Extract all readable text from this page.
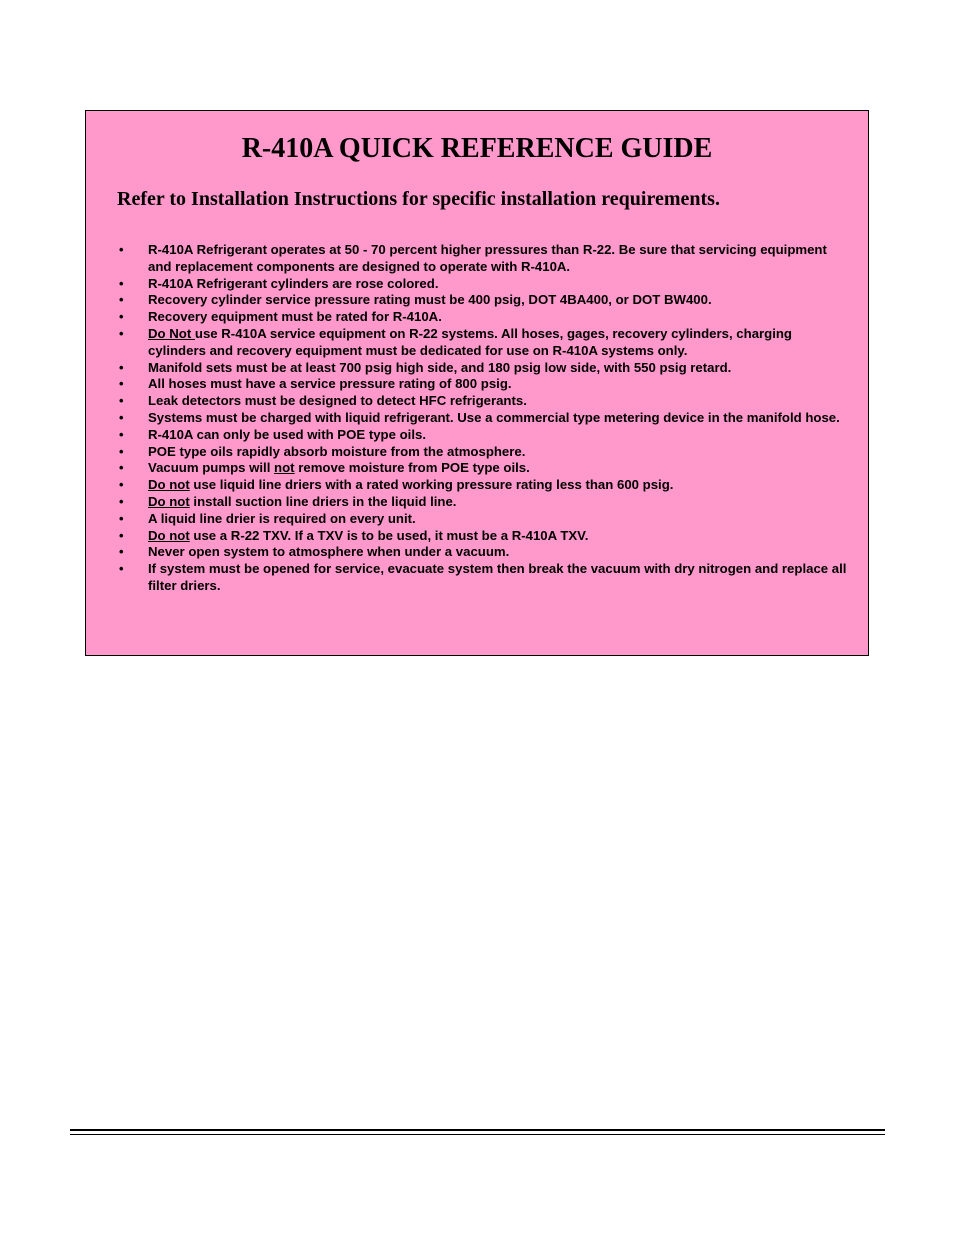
R-410A QUICK REFERENCE GUIDE
Refer to Installation Instructions for specific installation requirements.
• R-410A Refrigerant operates at 50 - 70 percent higher pressures than R-22. Be sure that servicing equipment and replacement components are designed to operate with R-410A.
• R-410A Refrigerant cylinders are rose colored.
• Recovery cylinder service pressure rating must be 400 psig, DOT 4BA400, or DOT BW400.
• Recovery equipment must be rated for R-410A.
• Do Not use R-410A service equipment on R-22 systems. All hoses, gages, recovery cylinders, charging cylinders and recovery equipment must be dedicated for use on R-410A systems only.
• Manifold sets must be at least 700 psig high side, and 180 psig low side, with 550 psig retard.
• All hoses must have a service pressure rating of 800 psig.
• Leak detectors must be designed to detect HFC refrigerants.
• Systems must be charged with liquid refrigerant. Use a commercial type metering device in the manifold hose.
• R-410A can only be used with POE type oils.
• POE type oils rapidly absorb moisture from the atmosphere.
• Vacuum pumps will not remove moisture from POE type oils.
• Do not use liquid line driers with a rated working pressure rating less than 600 psig.
• Do not install suction line driers in the liquid line.
• A liquid line drier is required on every unit.
• Do not use a R-22 TXV. If a TXV is to be used, it must be a R-410A TXV.
• Never open system to atmosphere when under a vacuum.
• If system must be opened for service, evacuate system then break the vacuum with dry nitrogen and replace all filter driers.
